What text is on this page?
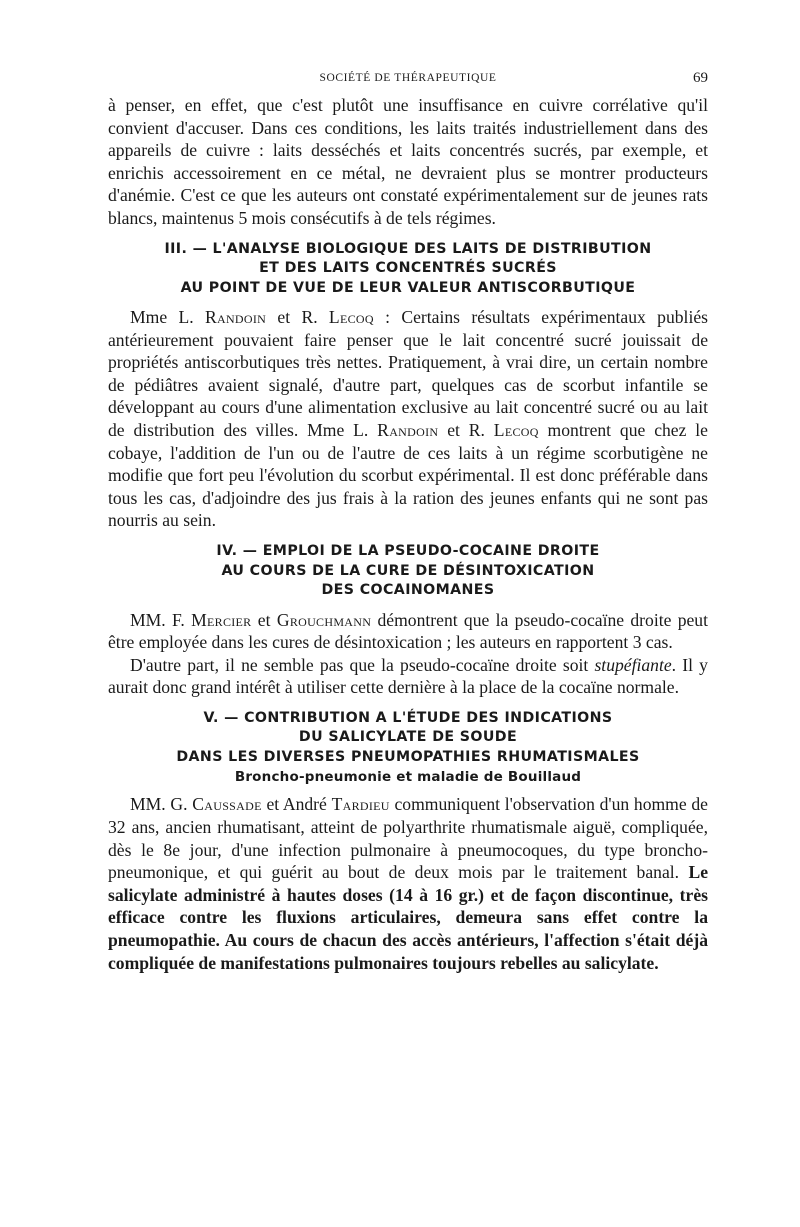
SOCIÉTÉ DE THÉRAPEUTIQUE	69

à penser, en effet, que c'est plutôt une insuffisance en cuivre corrélative qu'il convient d'accuser. Dans ces conditions, les laits traités industriellement dans des appareils de cuivre : laits desséchés et laits concentrés sucrés, par exemple, et enrichis accessoirement en ce métal, ne devraient plus se montrer producteurs d'anémie. C'est ce que les auteurs ont constaté expérimentalement sur de jeunes rats blancs, maintenus 5 mois consécutifs à de tels régimes.

III. — L'ANALYSE BIOLOGIQUE DES LAITS DE DISTRIBUTION
ET DES LAITS CONCENTRÉS SUCRÉS
AU POINT DE VUE DE LEUR VALEUR ANTISCORBUTIQUE

Mme L. Randoin et R. Lecoq : Certains résultats expérimentaux publiés antérieurement pouvaient faire penser que le lait concentré sucré jouissait de propriétés antiscorbutiques très nettes. Pratiquement, à vrai dire, un certain nombre de pédiâtres avaient signalé, d'autre part, quelques cas de scorbut infantile se développant au cours d'une alimentation exclusive au lait concentré sucré ou au lait de distribution des villes. Mme L. Randoin et R. Lecoq montrent que chez le cobaye, l'addition de l'un ou de l'autre de ces laits à un régime scorbutigène ne modifie que fort peu l'évolution du scorbut expérimental. Il est donc préférable dans tous les cas, d'adjoindre des jus frais à la ration des jeunes enfants qui ne sont pas nourris au sein.

IV. — EMPLOI DE LA PSEUDO-COCAINE DROITE
AU COURS DE LA CURE DE DÉSINTOXICATION
DES COCAINOMANES

MM. F. Mercier et Grouchmann démontrent que la pseudo-cocaïne droite peut être employée dans les cures de désintoxication ; les auteurs en rapportent 3 cas.

D'autre part, il ne semble pas que la pseudo-cocaïne droite soit stupéfiante. Il y aurait donc grand intérêt à utiliser cette dernière à la place de la cocaïne normale.

V. — CONTRIBUTION A L'ÉTUDE DES INDICATIONS
DU SALICYLATE DE SOUDE
DANS LES DIVERSES PNEUMOPATHIES RHUMATISMALES
Broncho-pneumonie et maladie de Bouillaud

MM. G. Caussade et André Tardieu communiquent l'observation d'un homme de 32 ans, ancien rhumatisant, atteint de polyarthrite rhumatismale aiguë, compliquée, dès le 8e jour, d'une infection pulmonaire à pneumocoques, du type broncho-pneumonique, et qui guérit au bout de deux mois par le traitement banal. Le salicylate administré à hautes doses (14 à 16 gr.) et de façon discontinue, très efficace contre les fluxions articulaires, demeura sans effet contre la pneumopathie. Au cours de chacun des accès antérieurs, l'affection s'était déjà compliquée de manifestations pulmonaires toujours rebelles au salicylate.
